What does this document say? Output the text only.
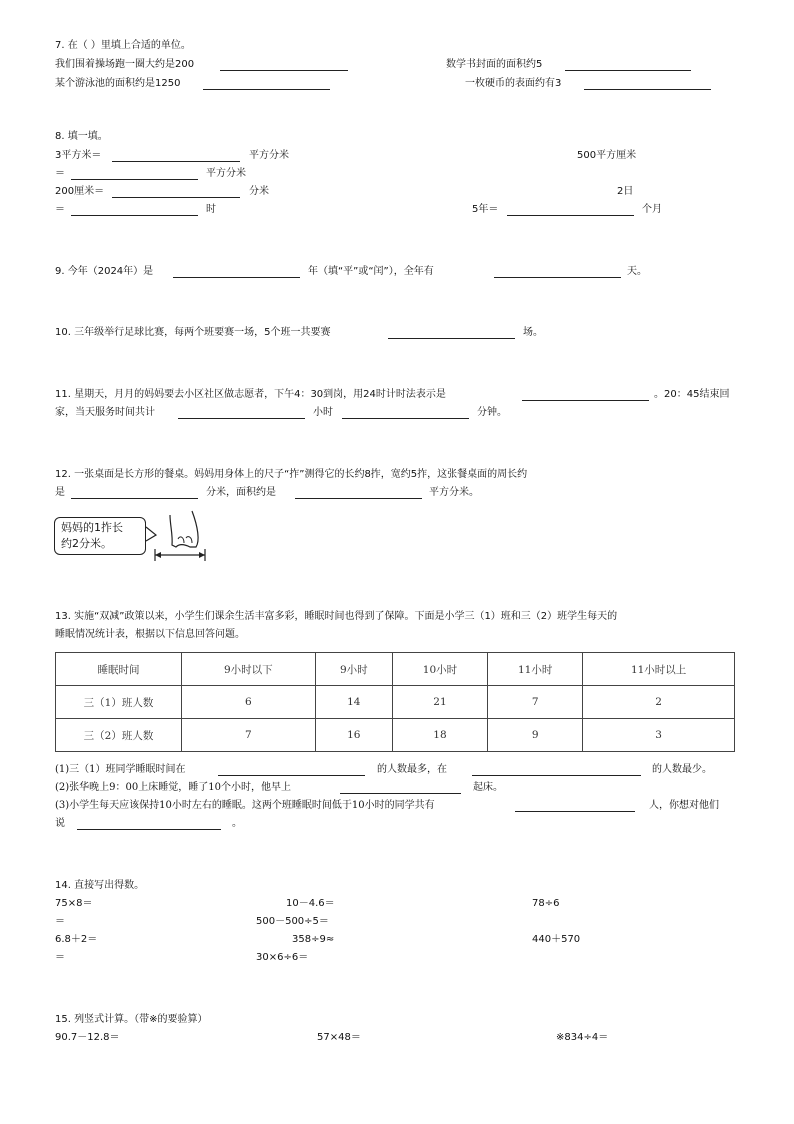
7. 在（ ）里填上合适的单位。
我们围着操场跑一圈大约是200	数学书封面的面积约5
某个游泳池的面积约是1250	一枚硬币的表面约有3
8. 填一填。
3平方米＝	平方分米	500平方厘米
＝	平方分米
200厘米＝	分米	2日
＝	时	5年＝	个月
9. 今年（2024年）是	年（填“平”或“闰”），全年有	天。
10. 三年级举行足球比赛，每两个班要赛一场，5个班一共要赛	场。
11. 星期天，月月的妈妈要去小区社区做志愿者，下午4：30到岗，用24时计时法表示是	。20：45结束回
家，当天服务时间共计	小时	分钟。
12. 一张桌面是长方形的餐桌。妈妈用身体上的尺子“拃”测得它的长约8拃，宽约5拃，这张餐桌面的周长约
是	分米，面积约是	平方分米。
妈妈的1拃长
约2分米。
13. 实施“双减”政策以来，小学生们课余生活丰富多彩，睡眠时间也得到了保障。下面是小学三（1）班和三（2）班学生每天的
睡眠情况统计表，根据以下信息回答问题。
睡眠时间	9小时以下	9小时	10小时	11小时	11小时以上
三（1）班人数	6	14	21	7	2
三（2）班人数	7	16	18	9	3
(1)三（1）班同学睡眠时间在	的人数最多，在	的人数最少。
(2)张华晚上9：00上床睡觉，睡了10个小时，他早上	起床。
(3)小学生每天应该保持10小时左右的睡眠。这两个班睡眠时间低于10小时的同学共有	人，你想对他们
说	。
14. 直接写出得数。
75×8＝	10－4.6＝	78÷6
＝	500－500÷5＝
6.8＋2＝	358÷9≈	440＋570
＝	30×6÷6＝
15. 列竖式计算。（带※的要验算）
90.7－12.8＝	57×48＝	※834÷4＝
